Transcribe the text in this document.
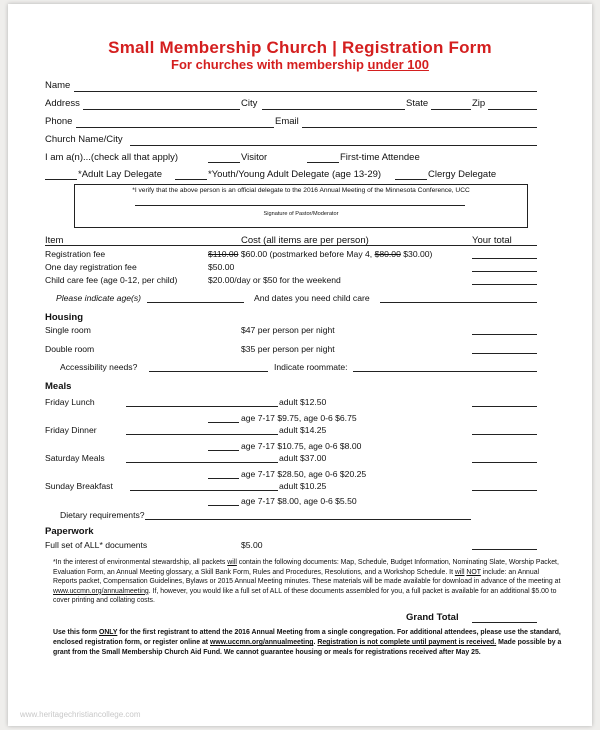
Small Membership Church | Registration Form
For churches with membership under 100
Name
Address	City	State	Zip
Phone	Email
Church Name/City
I am a(n)...(check all that apply)	Visitor	First-time Attendee
*Adult Lay Delegate	*Youth/Young Adult Delegate (age 13-29)	Clergy Delegate
*I verify that the above person is an official delegate to the 2016 Annual Meeting of the Minnesota Conference, UCC
Signature of Pastor/Moderator
Item	Cost (all items are per person)	Your total
Registration fee	$110.00 $60.00 (postmarked before May 4, $80.00 $30.00)
One day registration fee	$50.00
Child care fee (age 0-12, per child)	$20.00/day or $50 for the weekend
Please indicate age(s)	And dates you need child care
Housing
Single room	$47 per person per night
Double room	$35 per person per night
Accessibility needs?	Indicate roommate:
Meals
Friday Lunch	adult $12.50
age 7-17 $9.75, age 0-6 $6.75
Friday Dinner	adult $14.25
age 7-17 $10.75, age 0-6 $8.00
Saturday Meals	adult $37.00
age 7-17 $28.50, age 0-6 $20.25
Sunday Breakfast	adult $10.25
age 7-17 $8.00, age 0-6 $5.50
Dietary requirements?
Paperwork
Full set of ALL* documents	$5.00
*In the interest of environmental stewardship, all packets will contain the following documents: Map, Schedule, Budget Information, Nominating Slate, Worship Packet, Evaluation Form, an Annual Meeting glossary, a Skill Bank Form, Rules and Procedures, Resolutions, and a Workshop Schedule. It will NOT include: an Annual Reports packet, Compensation Guidelines, Bylaws or 2015 Annual Meeting minutes. These materials will be made available for download in advance of the meeting at www.uccmn.org/annualmeeting. If, however, you would like a full set of ALL of these documents assembled for you, a full packet is available for an additional $5.00 to cover printing and collating costs.
Grand Total
Use this form ONLY for the first registrant to attend the 2016 Annual Meeting from a single congregation. For additional attendees, please use the standard, enclosed registration form, or register online at www.uccmn.org/annualmeeting. Registration is not complete until payment is received. Made possible by a grant from the Small Membership Church Aid Fund. We cannot guarantee housing or meals for registrations received after May 25.
www.heritagechristiancollege.com
